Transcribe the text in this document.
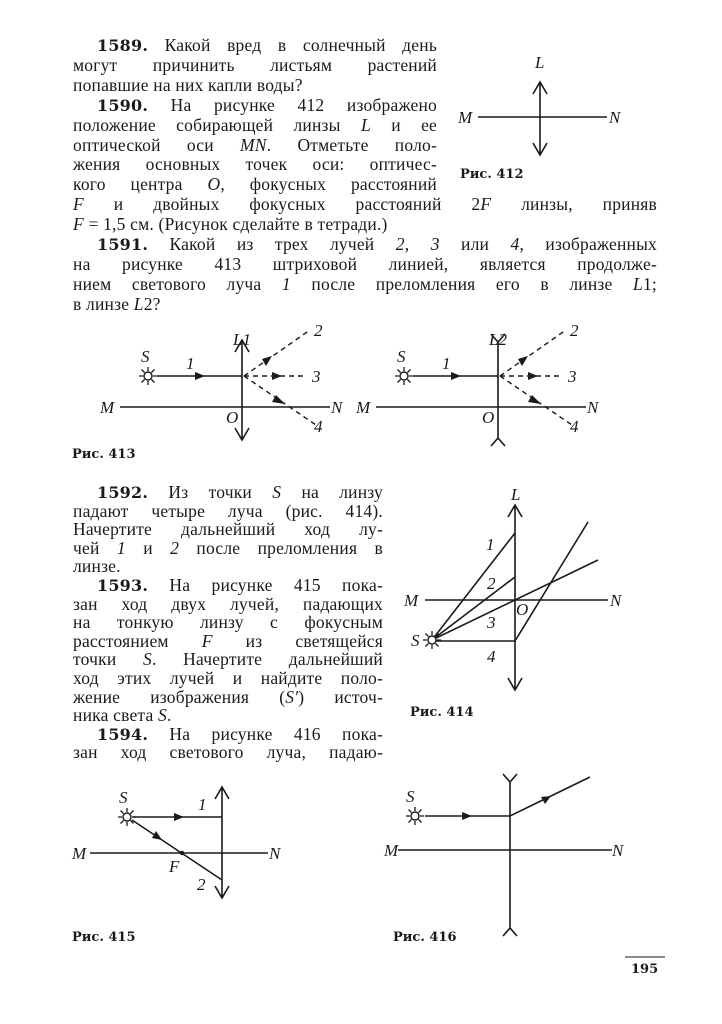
1589. Какой вред в солнечный день
могут причинить листьям растений
попавшие на них капли воды?
1590. На рисунке 412 изображено
положение собирающей линзы L и ее
оптической оси MN. Отметьте поло-
жения основных точек оси: оптичес-
кого центра O, фокусных расстояний
F и двойных фокусных расстояний 2F линзы, приняв
F = 1,5 см. (Рисунок сделайте в тетради.)
1591. Какой из трех лучей 2, 3 или 4, изображенных
на рисунке 413 штриховой линией, является продолже-
нием светового луча 1 после преломления его в линзе L1;
в линзе L2?
1592. Из точки S на линзу
падают четыре луча (рис. 414).
Начертите дальнейший ход лу-
чей 1 и 2 после преломления в
линзе.
1593. На рисунке 415 пока-
зан ход двух лучей, падающих
на тонкую линзу с фокусным
расстоянием F из светящейся
точки S. Начертите дальнейший
ход этих лучей и найдите поло-
жение изображения (S′) источ-
ника света S.
1594. На рисунке 416 пока-
зан ход светового луча, падаю-
L
M	N
Рис. 412
S 1
L1	2
3
4
M	N
O
S 1
L2	2
3
4
M	N
O
Рис. 413
L
M	N
O
S
1
2
3
4
Рис. 414
S	1
2
F
M	N
Рис. 415
S
M	N
Рис. 416
195
